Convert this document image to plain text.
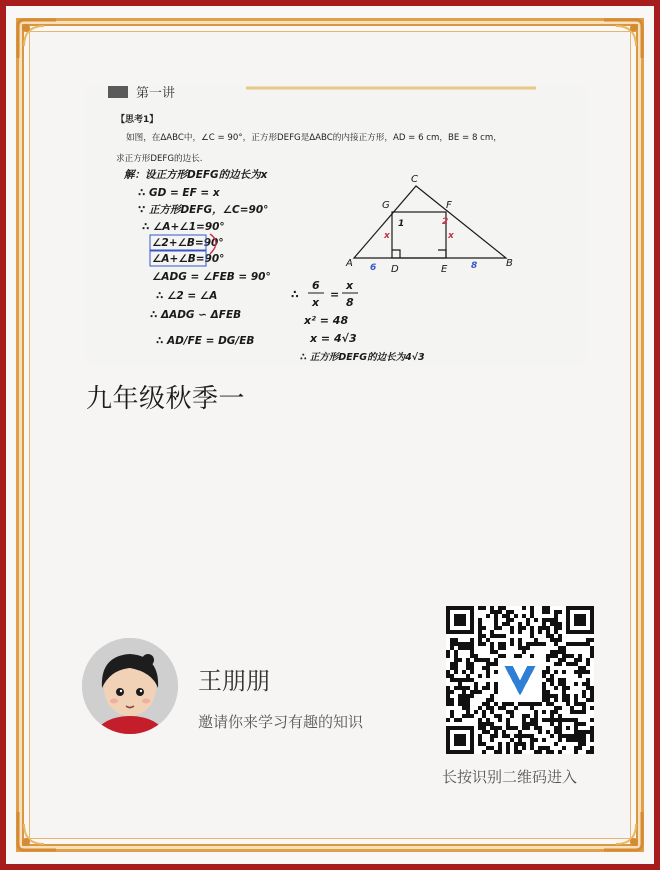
第一讲
【思考1】
如图，在ΔABC中，∠C = 90°，正方形DEFG是ΔABC的内接正方形，AD = 6 cm，BE = 8 cm，
求正方形DEFG的边长.
解：设正方形DEFG的边长为x
∴ GD = EF = x
∵ 正方形DEFG，∠C=90°
∴ ∠A+∠1=90°
∠2+∠B=90°
∠A+∠B=90°
∠ADG = ∠FEB = 90°
∴ ∠2 = ∠A
∴ ΔADG ∽ ΔFEB
∴ AD/FE = DG/EB
C
G	F
A
D	E
B
x	x
1	2
6	8
∴
6
x
=
x
8
x² = 48
x = 4√3
∴ 正方形DEFG的边长为4√3
九年级秋季一
王朋朋
邀请你来学习有趣的知识
长按识别二维码进入
